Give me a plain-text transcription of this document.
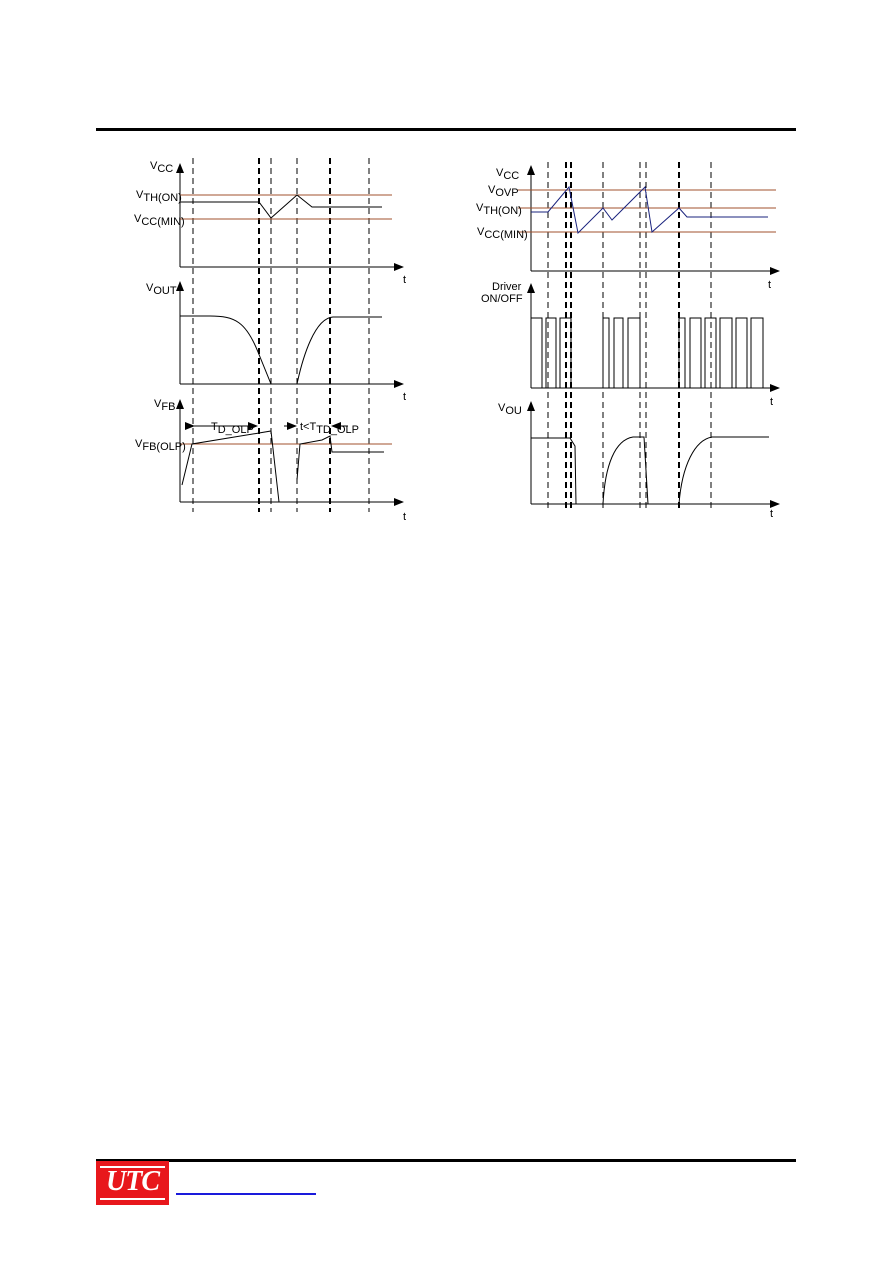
VCC
VTH(ON)
VCC(MIN)
t
VOUT
t
VFB
VFB(OLP)
TD_OLP	t<TTD_OLP
t
VCC
VOVP
VTH(ON)
VCC(MIN)
t
Driver
ON/OFF
t
VOU
t
UTC
